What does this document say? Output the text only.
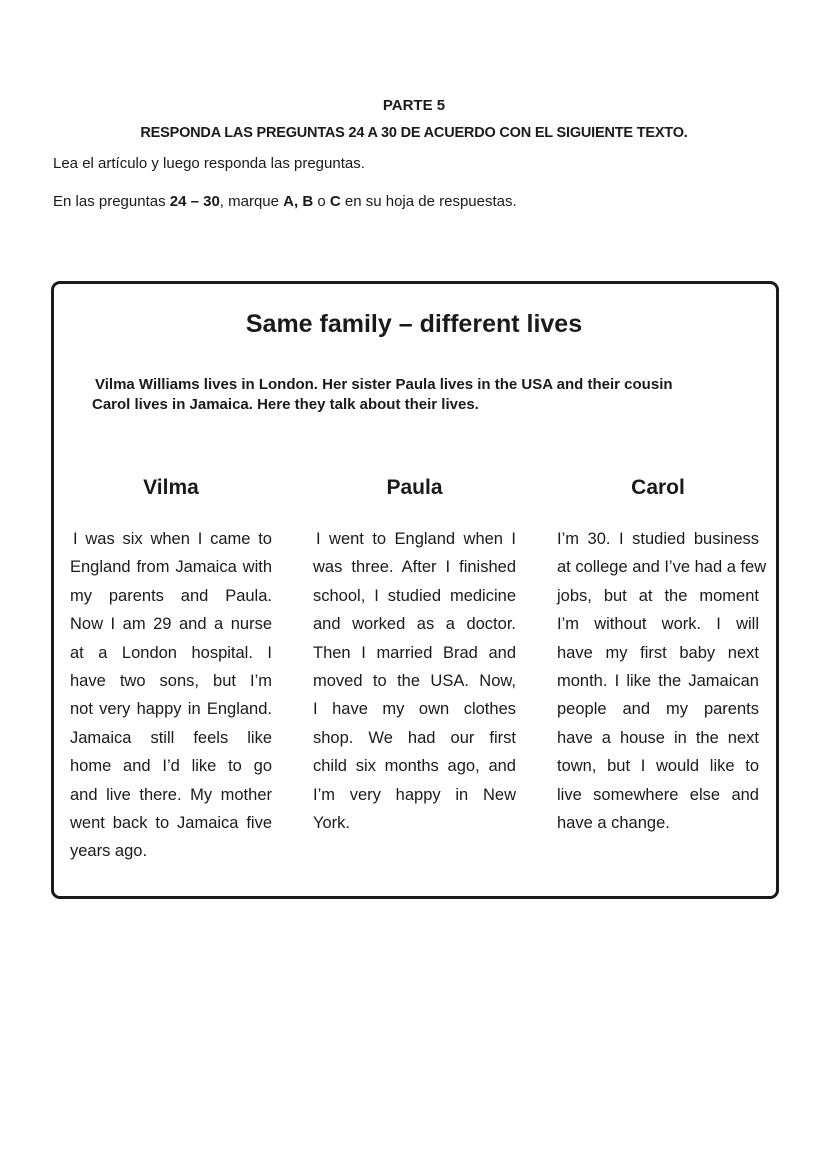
PARTE 5
RESPONDA LAS PREGUNTAS 24 A 30 DE ACUERDO CON EL SIGUIENTE TEXTO.
Lea el artículo y luego responda las preguntas.
En las preguntas 24 – 30, marque A, B o C en su hoja de respuestas.
Same family – different lives
Vilma Williams lives in London. Her sister Paula lives in the USA and their cousin
Carol lives in Jamaica. Here they talk about their lives.
Vilma
I was six when I came to
England from Jamaica with
my parents and Paula.
Now I am 29 and a nurse
at a London hospital. I
have two sons, but I’m
not very happy in England.
Jamaica still feels like
home and I’d like to go
and live there. My mother
went back to Jamaica five
years ago.
Paula
I went to England when I
was three. After I finished
school, I studied medicine
and worked as a doctor.
Then I married Brad and
moved to the USA. Now,
I have my own clothes
shop. We had our first
child six months ago, and
I’m very happy in New
York.
Carol
I’m 30. I studied business
at college and I’ve had a few
jobs, but at the moment
I’m without work. I will
have my first baby next
month. I like the Jamaican
people and my parents
have a house in the next
town, but I would like to
live somewhere else and
have a change.
